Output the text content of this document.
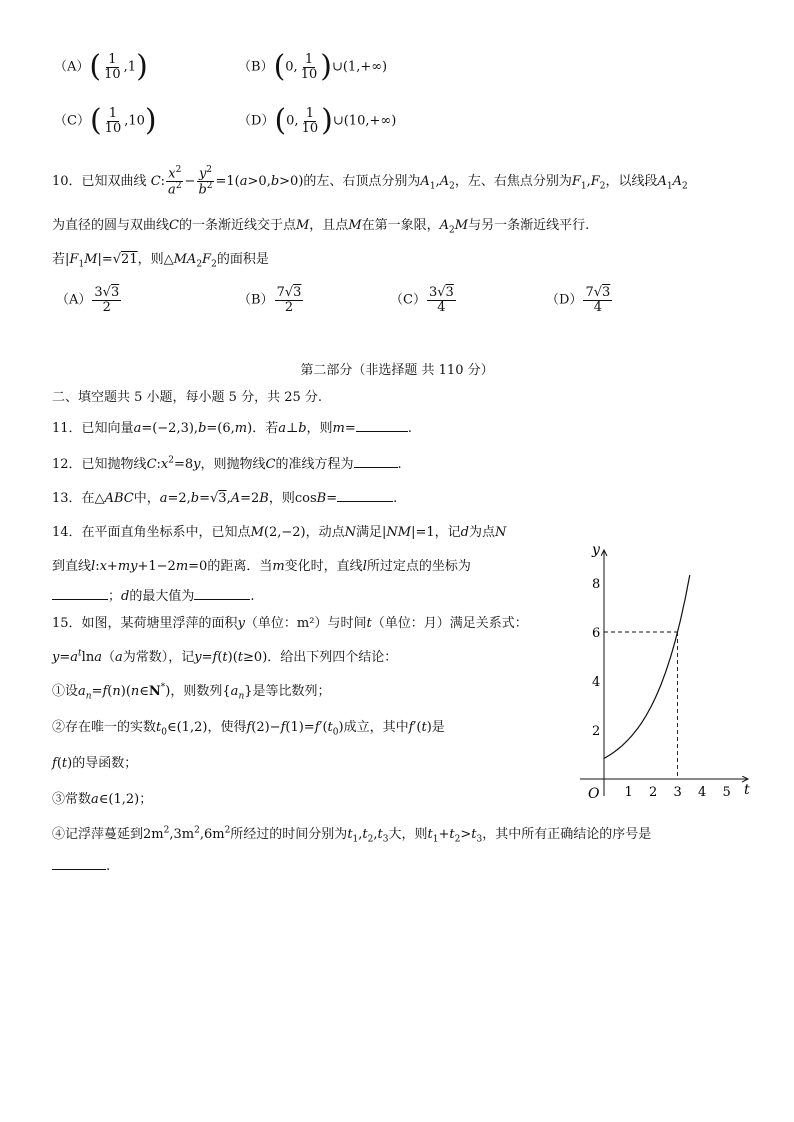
$(A)( \frac{1}{10} ,1)$	（B）(0, $\frac{1}{10}$ )∪(1,+∞)
$(C)( \frac{1}{10} ,10)$	（D）(0, $\frac{1}{10}$ )∪(10,+∞)
10．已知双曲线 C: $\frac{x^2}{a^2} - \frac{y^2}{b^2} =1(a>0,b>0)$的左、右顶点分别为$A_1,A_2$，左、右焦点分别为$F_1,F_2$，以线段$A_1A_2$
为直径的圆与双曲线C的一条渐近线交于点M，且点M在第一象限，$A_2M$与另一条渐近线平行.
若$|F_1M|=√21$，则$\triangle MA_2F_2$的面积是
$(A) \frac{3√3}{2}$	$(B) \frac{7√3}{2}$	$(C) \frac{3√3}{4}$	$(D) \frac{7√3}{4}$
第二部分（非选择题 共 110 分）
二、填空题共 5 小题，每小题 5 分，共 25 分.
11．已知向量a=(−2,3),b=(6,m)．若a⊥b，则m=	.
12．已知抛物线$C:x^2=8y$，则抛物线C的准线方程为	.
13．在△ABC中，a=2,b=√3,A=2B，则cosB=	.
14．在平面直角坐标系中，已知点M(2,−2)，动点N满足|NM|=1，记d为点N
到直线l:x+my+1−2m=0的距离．当m变化时，直线l所过定点的坐标为
；d的最大值为	.
15．如图，某荷塘里浮萍的面积y（单位：m²）与时间t（单位：月）满足关系式：
$y=a^t\ln a(a$为常数），记y=f(t)(t≥0)．给出下列四个结论：
①设$a_n=f(n)(n\in N^*)$，则数列$\{a_n\}$是等比数列；
②存在唯一的实数$t_0\in(1,2)$，使得$f(2)-f(1)=f'(t_0)$成立，其中f′(t)是
f(t)的导函数；
③常数a∈(1,2)；
④记浮萍蔓延到$2m^2,3m^2,6m^2$所经过的时间分别为$t_1,t_2,t_3$大，则$t_1+t_2>t_3$，其中所有正确结论的序号是
.
1 2 3 4 5
2
4
6
8
y
t
O
